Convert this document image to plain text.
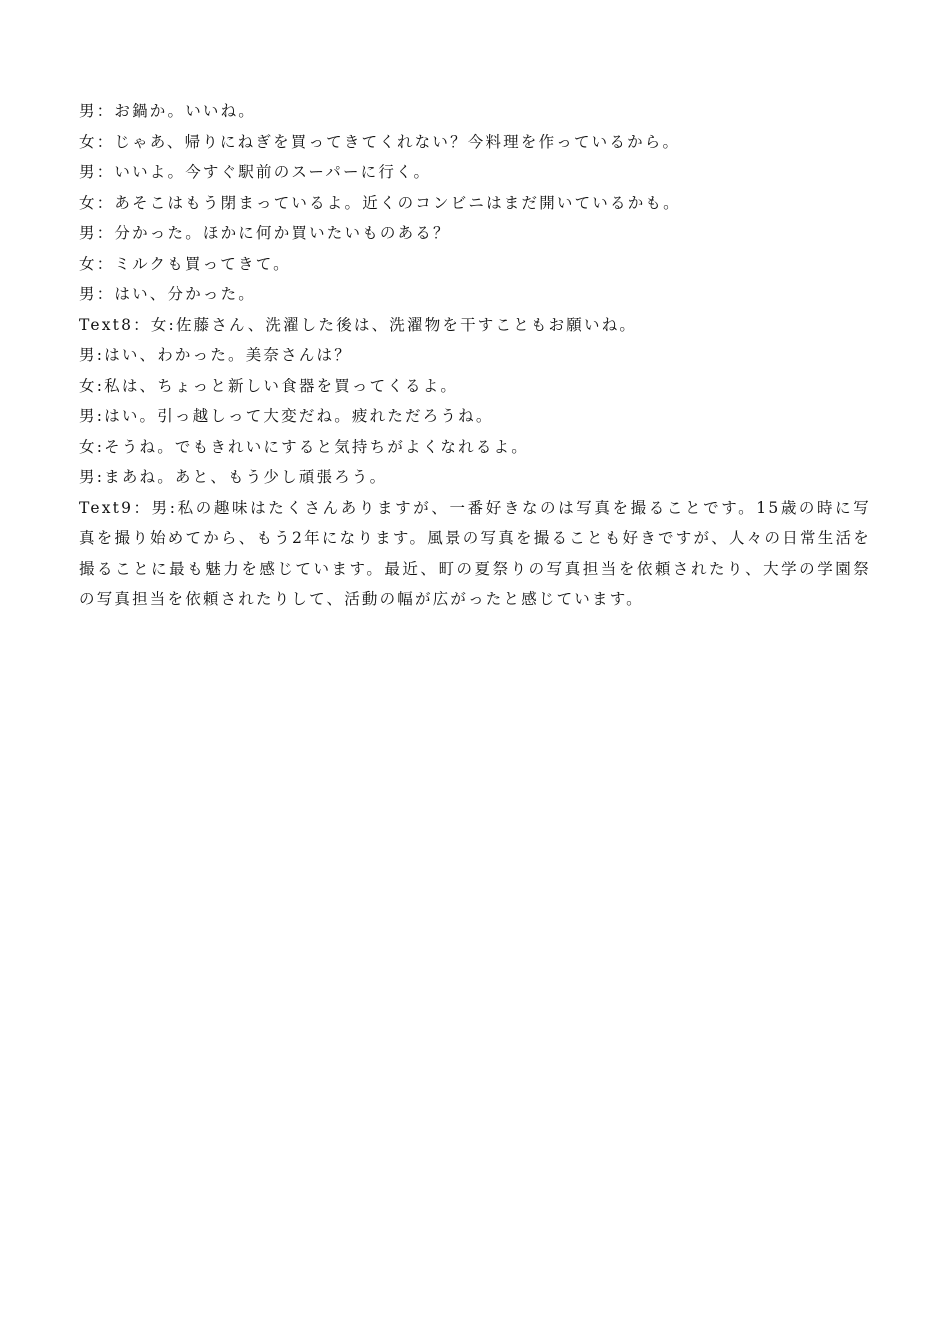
男：お鍋か。いいね。
女：じゃあ、帰りにねぎを買ってきてくれない？今料理を作っているから。
男：いいよ。今すぐ駅前のスーパーに行く。
女：あそこはもう閉まっているよ。近くのコンビニはまだ開いているかも。
男：分かった。ほかに何か買いたいものある？
女：ミルクも買ってきて。
男：はい、分かった。
Text8：女:佐藤さん、洗濯した後は、洗濯物を干すこともお願いね。
男:はい、わかった。美奈さんは？
女:私は、ちょっと新しい食器を買ってくるよ。
男:はい。引っ越しって大変だね。疲れただろうね。
女:そうね。でもきれいにすると気持ちがよくなれるよ。
男:まあね。あと、もう少し頑張ろう。
Text9：男:私の趣味はたくさんありますが、一番好きなのは写真を撮ることです。15歳の時に写真を撮り始めてから、もう2年になります。風景の写真を撮ることも好きですが、人々の日常生活を撮ることに最も魅力を感じています。最近、町の夏祭りの写真担当を依頼されたり、大学の学園祭の写真担当を依頼されたりして、活動の幅が広がったと感じています。
